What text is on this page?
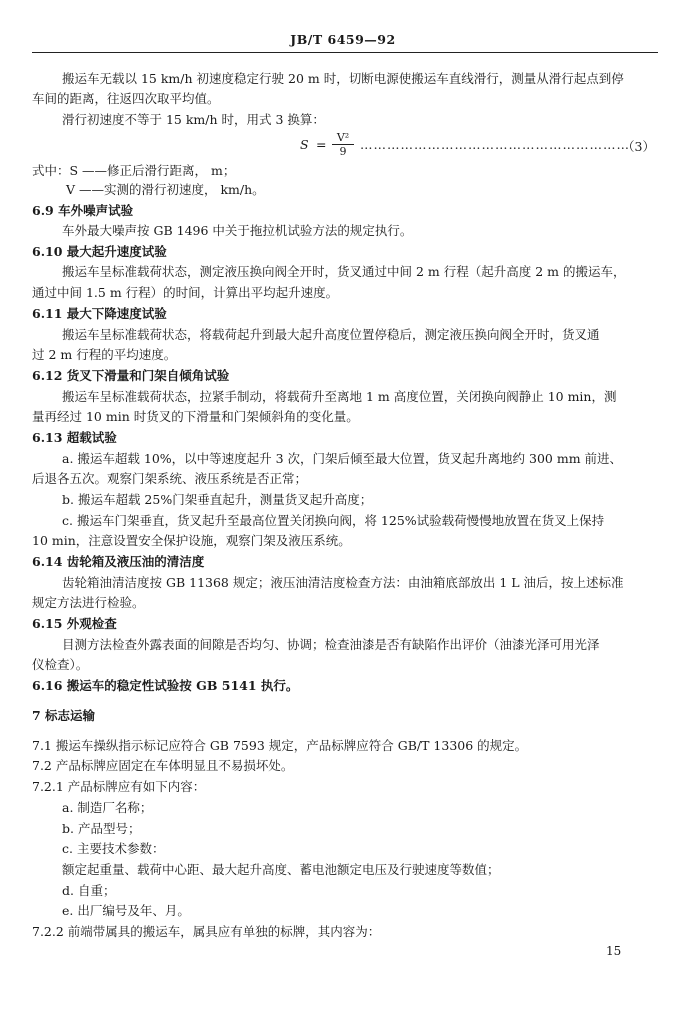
JB/T 6459—92
搬运车无载以 15 km/h 初速度稳定行驶 20 m 时，切断电源使搬运车直线滑行，测量从滑行起点到停
车间的距离，往返四次取平均值。
滑行初速度不等于 15 km/h 时，用式 3 换算：
$S = \frac{\text{V²}}{9}$ ……………………………………………………
（3）
式中：S ——修正后滑行距离， m；
V ——实测的滑行初速度， km/h。
6.9 车外噪声试验
车外最大噪声按 GB 1496 中关于拖拉机试验方法的规定执行。
6.10 最大起升速度试验
搬运车呈标准载荷状态，测定液压换向阀全开时，货叉通过中间 2 m 行程（起升高度 2 m 的搬运车，
通过中间 1.5 m 行程）的时间，计算出平均起升速度。
6.11 最大下降速度试验
搬运车呈标准载荷状态，将载荷起升到最大起升高度位置停稳后，测定液压换向阀全开时，货叉通
过 2 m 行程的平均速度。
6.12 货叉下滑量和门架自倾角试验
搬运车呈标准载荷状态，拉紧手制动，将载荷升至离地 1 m 高度位置，关闭换向阀静止 10 min，测
量再经过 10 min 时货叉的下滑量和门架倾斜角的变化量。
6.13 超载试验
a. 搬运车超载 10%，以中等速度起升 3 次，门架后倾至最大位置，货叉起升离地约 300 mm 前进、
后退各五次。观察门架系统、液压系统是否正常；
b. 搬运车超载 25%门架垂直起升，测量货叉起升高度；
c. 搬运车门架垂直，货叉起升至最高位置关闭换向阀，将 125%试验载荷慢慢地放置在货叉上保持
10 min，注意设置安全保护设施，观察门架及液压系统。
6.14 齿轮箱及液压油的清洁度
齿轮箱油清洁度按 GB 11368 规定；液压油清洁度检查方法：由油箱底部放出 1 L 油后，按上述标准
规定方法进行检验。
6.15 外观检查
目测方法检查外露表面的间隙是否均匀、协调；检查油漆是否有缺陷作出评价（油漆光泽可用光泽
仪检查）。
6.16 搬运车的稳定性试验按 GB 5141 执行。
7 标志运输
7.1 搬运车操纵指示标记应符合 GB 7593 规定，产品标牌应符合 GB/T 13306 的规定。
7.2 产品标牌应固定在车体明显且不易损坏处。
7.2.1 产品标牌应有如下内容：
a. 制造厂名称；
b. 产品型号；
c. 主要技术参数：
额定起重量、载荷中心距、最大起升高度、蓄电池额定电压及行驶速度等数值；
d. 自重；
e. 出厂编号及年、月。
7.2.2 前端带属具的搬运车，属具应有单独的标牌，其内容为：
15
